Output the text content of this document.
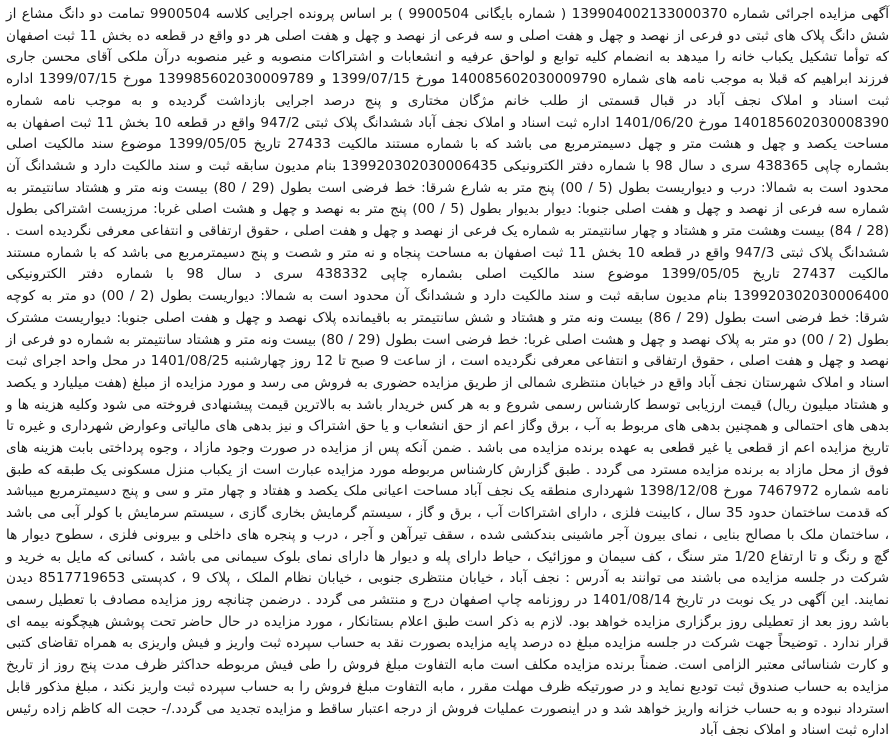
آگهی مزایده اجرائی شماره 139904002133000370 ( شماره بایگانی 9900504 ) بر اساس پرونده اجرایی کلاسه 9900504 تمامت دو دانگ مشاع از شش دانگ پلاک های ثبتی دو فرعی از نهصد و چهل و هفت اصلی و سه فرعی از نهصد و چهل و هفت اصلی هر دو واقع در قطعه ده بخش 11 ثبت اصفهان که توأما تشکیل یکباب خانه را میدهد به انضمام کلیه توابع و لواحق عرفیه و انشعابات و اشتراکات منصوبه و غیر منصوبه درآن ملکی آقای محسن جاری فرزند ابراهیم که قبلا به موجب نامه های شماره 140085602030009790 مورخ 1399/07/15 و 139985602030009789 مورخ 1399/07/15 اداره ثبت اسناد و املاک نجف آباد در قبال قسمتی از طلب خانم مژگان مختاری و پنج درصد اجرایی بازداشت گردیده و به موجب نامه شماره 140185602030008390 مورخ 1401/06/20 اداره ثبت اسناد و املاک نجف آباد ششدانگ پلاک ثبتی 947/2 واقع در قطعه 10 بخش 11 ثبت اصفهان به مساحت یکصد و چهل و هشت متر و چهل دسیمترمربع می باشد که با شماره مستند مالکیت 27433 تاریخ 1399/05/05 موضوع سند مالکیت اصلی بشماره چاپی 438365 سری د سال 98 با شماره دفتر الکترونیکی 139920302030006435 بنام مدیون سابقه ثبت و سند مالکیت دارد و ششدانگ آن محدود است به شمالا: درب و دیواریست بطول (5 / 00) پنج متر به شارع شرقا: خط فرضی است بطول (29 / 80) بیست ونه متر و هشتاد سانتیمتر به شماره سه فرعی از نهصد و چهل و هفت اصلی جنوبا: دیوار بدیوار بطول (5 / 00) پنج متر به نهصد و چهل و هشت اصلی غربا: مرزیست اشتراکی بطول (28 / 84) بیست وهشت متر و هشتاد و چهار سانتیمتر به شماره یک فرعی از نهصد و چهل و هفت اصلی ، حقوق ارتفاقی و انتفاعی معرفی نگردیده است . ششدانگ پلاک ثبتی 947/3 واقع در قطعه 10 بخش 11 ثبت اصفهان به مساحت پنجاه و نه متر و شصت و پنج دسیمترمربع می باشد که با شماره مستند مالکیت 27437 تاریخ 1399/05/05 موضوع سند مالکیت اصلی بشماره چاپی 438332 سری د سال 98 با شماره دفتر الکترونیکی 139920302030006400 بنام مدیون سابقه ثبت و سند مالکیت دارد و ششدانگ آن محدود است به شمالا: دیواریست بطول (2 / 00) دو متر به کوچه شرقا: خط فرضی است بطول (29 / 86) بیست ونه متر و هشتاد و شش سانتیمتر به باقیمانده پلاک نهصد و چهل و هفت اصلی جنوبا: دیواریست مشترک بطول (2 / 00) دو متر به پلاک نهصد و چهل و هشت اصلی غربا: خط فرضی است بطول (29 / 80) بیست ونه متر و هشتاد سانتیمتر به شماره دو فرعی از نهصد و چهل و هفت اصلی ، حقوق ارتفاقی و انتفاعی معرفی نگردیده است ، از ساعت 9 صبح تا 12 روز چهارشنبه 1401/08/25 در محل واحد اجرای ثبت اسناد و املاک شهرستان نجف آباد واقع در خیابان منتظری شمالی از طریق مزایده حضوری به فروش می رسد و مورد مزایده از مبلغ (هفت میلیارد و یکصد و هشتاد میلیون ریال) قیمت ارزیابی توسط کارشناس رسمی شروع و به هر کس خریدار باشد به بالاترین قیمت پیشنهادی فروخته می شود وکلیه هزینه ها و بدهی های احتمالی و همچنین بدهی های مربوط به آب ، برق وگاز اعم از حق انشعاب و یا حق اشتراک و نیز بدهی های مالیاتی وعوارض شهرداری و غیره تا تاریخ مزایده اعم از قطعی یا غیر قطعی به عهده برنده مزایده می باشد . ضمن آنکه پس از مزایده در صورت وجود مازاد ، وجوه پرداختی بابت هزینه های فوق از محل مازاد به برنده مزایده مسترد می گردد . طبق گزارش کارشناس مربوطه مورد مزایده عبارت است از یکباب منزل مسکونی یک طبقه که طبق نامه شماره 7467972 مورخ 1398/12/08 شهرداری منطقه یک نجف آباد مساحت اعیانی ملک یکصد و هفتاد و چهار متر و سی و پنج دسیمترمربع میباشد که قدمت ساختمان حدود 35 سال ، کابینت فلزی ، دارای اشتراکات آب ، برق و گاز ، سیستم گرمایش بخاری گازی ، سیستم سرمایش با کولر آبی می باشد ، ساختمان ملک با مصالح بنایی ، نمای بیرون آجر ماشینی بندکشی شده ، سقف تیرآهن و آجر ، درب و پنجره های داخلی و بیرونی فلزی ، سطوح دیوار ها گچ و رنگ و تا ارتفاع 1/20 متر سنگ ، کف سیمان و موزائیک ، حیاط دارای پله و دیوار ها دارای نمای بلوک سیمانی می باشد ، کسانی که مایل به خرید و شرکت در جلسه مزایده می باشند می توانند به آدرس : نجف آباد ، خیابان منتظری جنوبی ، خیابان نظام الملک ، پلاک 9 ، کدپستی 8517719653 دیدن نمایند. این آگهی در یک نوبت در تاریخ 1401/08/14 در روزنامه چاپ اصفهان درج و منتشر می گردد . درضمن چنانچه روز مزایده مصادف با تعطیل رسمی باشد روز بعد از تعطیلی روز برگزاری مزایده خواهد بود. لازم به ذکر است طبق اعلام بستانکار ، مورد مزایده در حال حاضر تحت پوشش هیچگونه بیمه ای قرار ندارد . توضیحاً جهت شرکت در جلسه مزایده مبلغ ده درصد پایه مزایده بصورت نقد به حساب سپرده ثبت واریز و فیش واریزی به همراه تقاضای کتبی و کارت شناسائی معتبر الزامی است. ضمناً برنده مزایده مکلف است مابه التفاوت مبلغ فروش را طی فیش مربوطه حداکثر ظرف مدت پنج روز از تاریخ مزایده به حساب صندوق ثبت تودیع نماید و در صورتیکه ظرف مهلت مقرر ، مابه التفاوت مبلغ فروش را به حساب سپرده ثبت واریز نکند ، مبلغ مذکور قابل استرداد نبوده و به حساب خزانه واریز خواهد شد و در اینصورت عملیات فروش از درجه اعتبار ساقط و مزایده تجدید می گردد./- حجت اله کاظم زاده رئیس اداره ثبت اسناد و املاک نجف آباد
